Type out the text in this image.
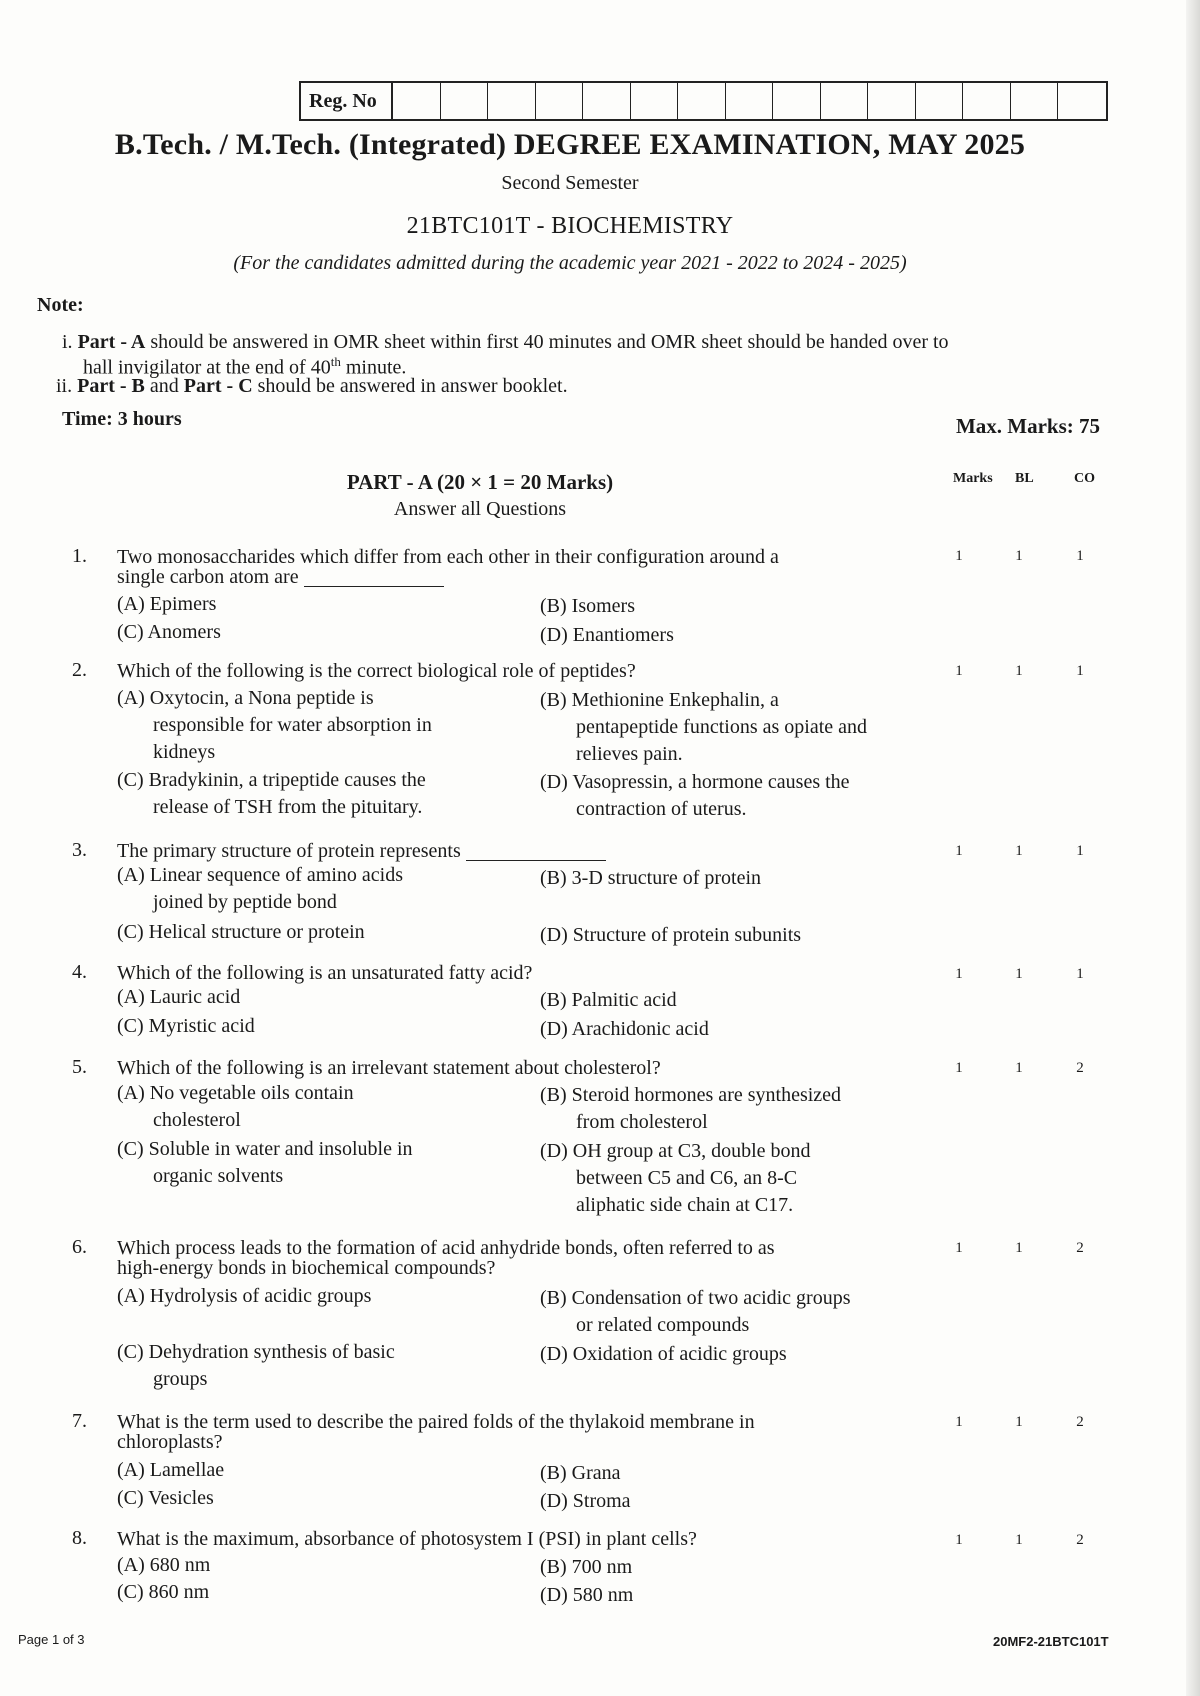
Reg. No
B.Tech. / M.Tech. (Integrated) DEGREE EXAMINATION, MAY 2025
Second Semester
21BTC101T - BIOCHEMISTRY
(For the candidates admitted during the academic year 2021 - 2022 to 2024 - 2025)
Note:
i. Part - A should be answered in OMR sheet within first 40 minutes and OMR sheet should be handed over to
hall invigilator at the end of 40th minute.
ii. Part - B and Part - C should be answered in answer booklet.
Time: 3 hours	Max. Marks: 75
PART - A (20 × 1 = 20 Marks)
Answer all Questions
Marks BL	CO
1.	Two monosaccharides which differ from each other in their configuration around a
single carbon atom are
(A) Epimers	(B) Isomers
(C) Anomers	(D) Enantiomers
1	1	1
2.	Which of the following is the correct biological role of peptides?
(A) Oxytocin, a Nona peptide is
responsible for water absorption in
kidneys
(B) Methionine Enkephalin, a
pentapeptide functions as opiate and
relieves pain.
(C) Bradykinin, a tripeptide causes the
release of TSH from the pituitary.
(D) Vasopressin, a hormone causes the
contraction of uterus.
1	1	1
3.	The primary structure of protein represents
(A) Linear sequence of amino acids
joined by peptide bond
(B) 3-D structure of protein
(C) Helical structure or protein	(D) Structure of protein subunits
1	1	1
4.	Which of the following is an unsaturated fatty acid?
(A) Lauric acid	(B) Palmitic acid
(C) Myristic acid	(D) Arachidonic acid
1	1	1
5.	Which of the following is an irrelevant statement about cholesterol?
(A) No vegetable oils contain
cholesterol
(B) Steroid hormones are synthesized
from cholesterol
(C) Soluble in water and insoluble in
organic solvents
(D) OH group at C3, double bond
between C5 and C6, an 8-C
aliphatic side chain at C17.
1	1	2
6.	Which process leads to the formation of acid anhydride bonds, often referred to as
high-energy bonds in biochemical compounds?
(A) Hydrolysis of acidic groups	(B) Condensation of two acidic groups
or related compounds
(C) Dehydration synthesis of basic
groups
(D) Oxidation of acidic groups
1	1	2
7.	What is the term used to describe the paired folds of the thylakoid membrane in
chloroplasts?
(A) Lamellae	(B) Grana
(C) Vesicles	(D) Stroma
1	1	2
8.	What is the maximum, absorbance of photosystem I (PSI) in plant cells?
(A) 680 nm	(B) 700 nm
(C) 860 nm	(D) 580 nm
1	1	2
Page 1 of 3	20MF2-21BTC101T
